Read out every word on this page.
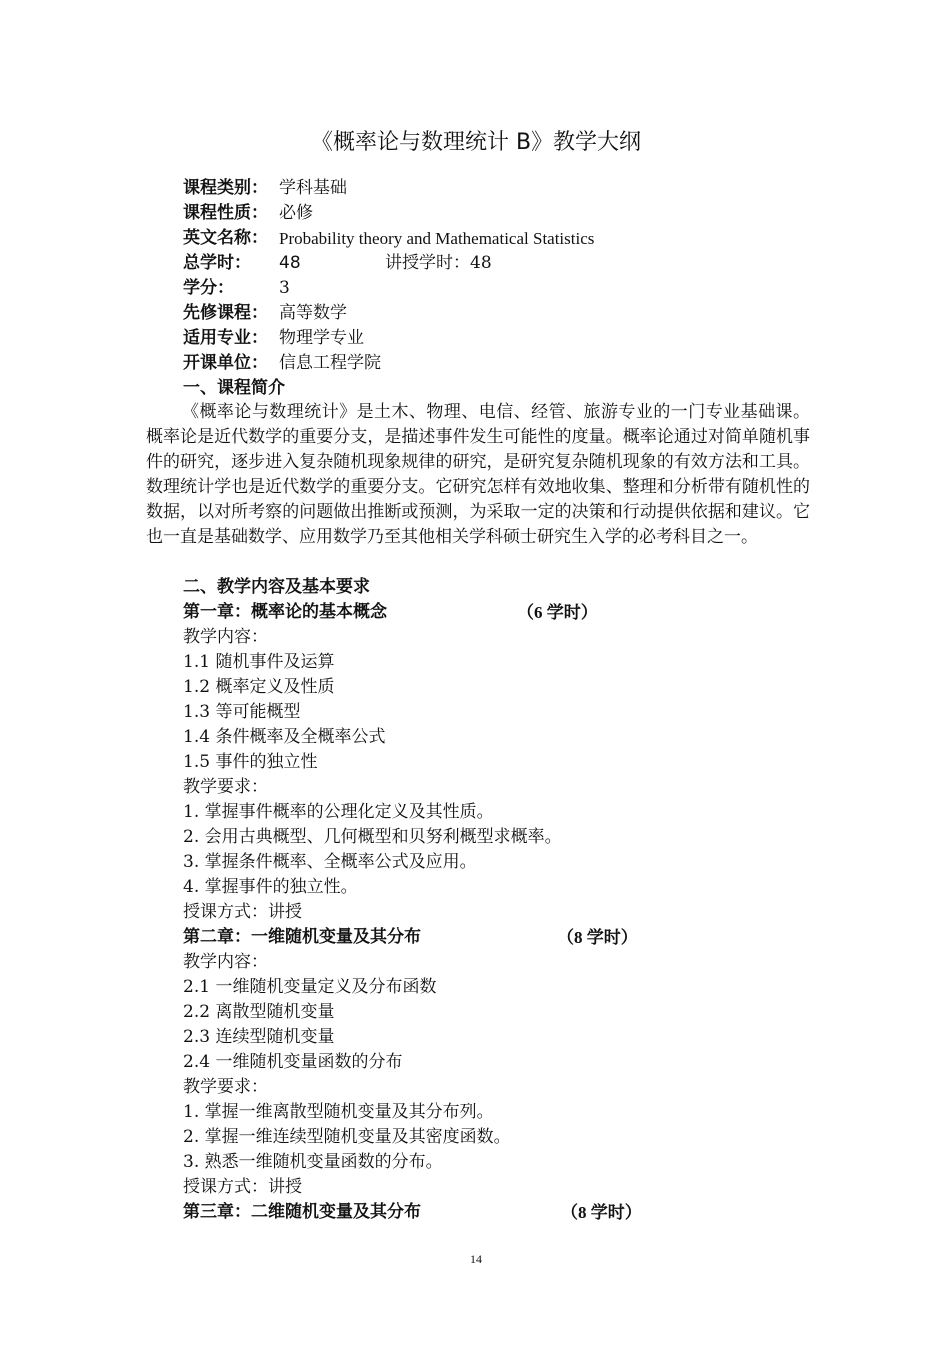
《概率论与数理统计 B》教学大纲
课程类别： 学科基础
课程性质： 必修
英文名称： Probability theory and Mathematical Statistics
总学时： 48	讲授学时：48
学分：	3
先修课程： 高等数学
适用专业： 物理学专业
开课单位： 信息工程学院
一、课程简介
《概率论与数理统计》是土木、物理、电信、经管、旅游专业的一门专业基础课。概率论是近代数学的重要分支，是描述事件发生可能性的度量。概率论通过对简单随机事件的研究，逐步进入复杂随机现象规律的研究，是研究复杂随机现象的有效方法和工具。数理统计学也是近代数学的重要分支。它研究怎样有效地收集、整理和分析带有随机性的数据，以对所考察的问题做出推断或预测，为采取一定的决策和行动提供依据和建议。它也一直是基础数学、应用数学乃至其他相关学科硕士研究生入学的必考科目之一。
二、教学内容及基本要求
第一章：概率论的基本概念	（6 学时）
教学内容：
1.1 随机事件及运算
1.2 概率定义及性质
1.3 等可能概型
1.4 条件概率及全概率公式
1.5 事件的独立性
教学要求：
1. 掌握事件概率的公理化定义及其性质。
2. 会用古典概型、几何概型和贝努利概型求概率。
3. 掌握条件概率、全概率公式及应用。
4. 掌握事件的独立性。
授课方式：讲授
第二章：一维随机变量及其分布	（8 学时）
教学内容：
2.1 一维随机变量定义及分布函数
2.2 离散型随机变量
2.3 连续型随机变量
2.4 一维随机变量函数的分布
教学要求：
1. 掌握一维离散型随机变量及其分布列。
2. 掌握一维连续型随机变量及其密度函数。
3. 熟悉一维随机变量函数的分布。
授课方式：讲授
第三章：二维随机变量及其分布	（8 学时）
14
